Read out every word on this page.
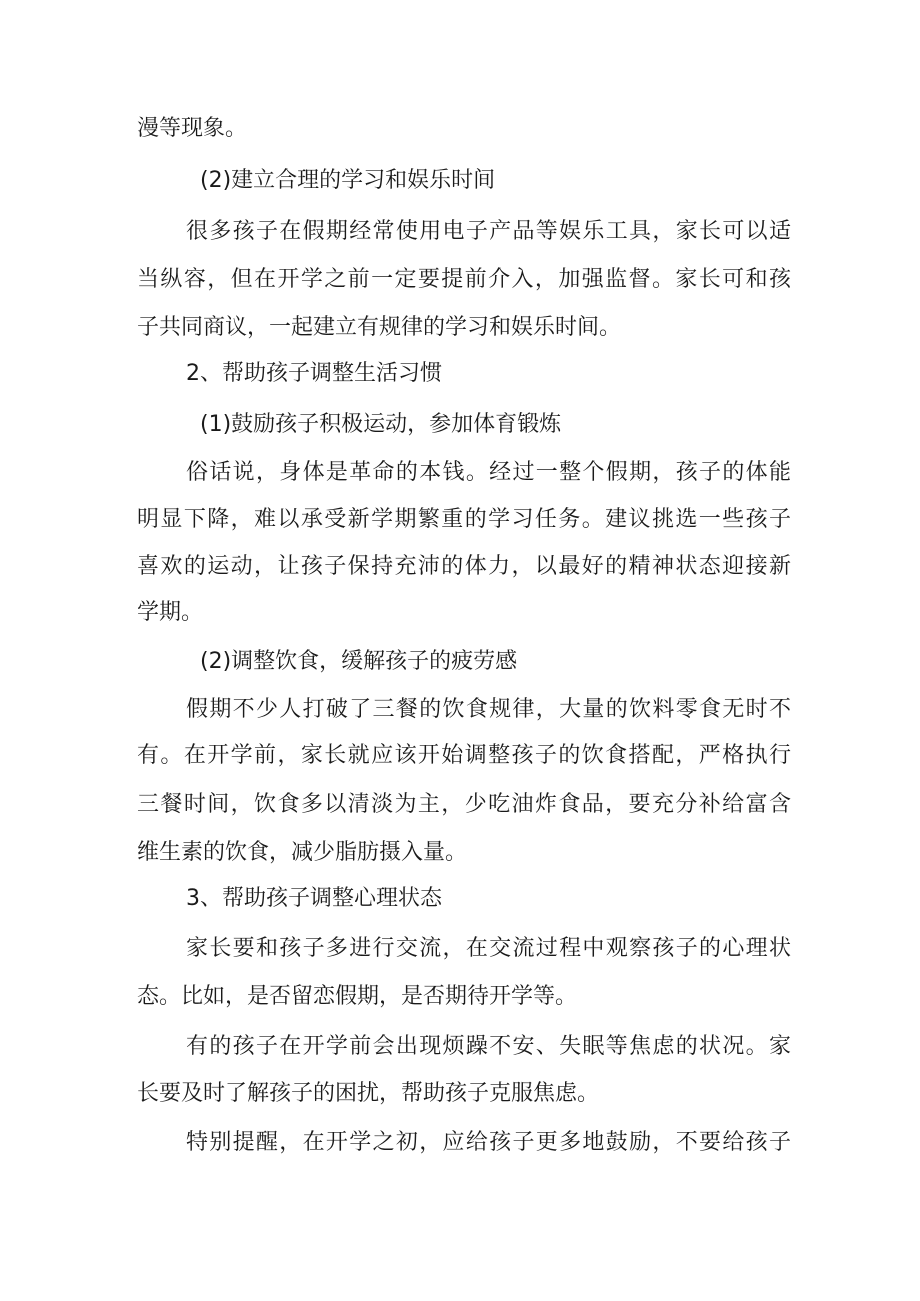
漫等现象。
(2)建立合理的学习和娱乐时间
很多孩子在假期经常使用电子产品等娱乐工具，家长可以适
当纵容，但在开学之前一定要提前介入，加强监督。家长可和孩
子共同商议，一起建立有规律的学习和娱乐时间。
2、帮助孩子调整生活习惯
(1)鼓励孩子积极运动，参加体育锻炼
俗话说，身体是革命的本钱。经过一整个假期，孩子的体能
明显下降，难以承受新学期繁重的学习任务。建议挑选一些孩子
喜欢的运动，让孩子保持充沛的体力，以最好的精神状态迎接新
学期。
(2)调整饮食，缓解孩子的疲劳感
假期不少人打破了三餐的饮食规律，大量的饮料零食无时不
有。在开学前，家长就应该开始调整孩子的饮食搭配，严格执行
三餐时间，饮食多以清淡为主，少吃油炸食品，要充分补给富含
维生素的饮食，减少脂肪摄入量。
3、帮助孩子调整心理状态
家长要和孩子多进行交流，在交流过程中观察孩子的心理状
态。比如，是否留恋假期，是否期待开学等。
有的孩子在开学前会出现烦躁不安、失眠等焦虑的状况。家
长要及时了解孩子的困扰，帮助孩子克服焦虑。
特别提醒，在开学之初，应给孩子更多地鼓励，不要给孩子
